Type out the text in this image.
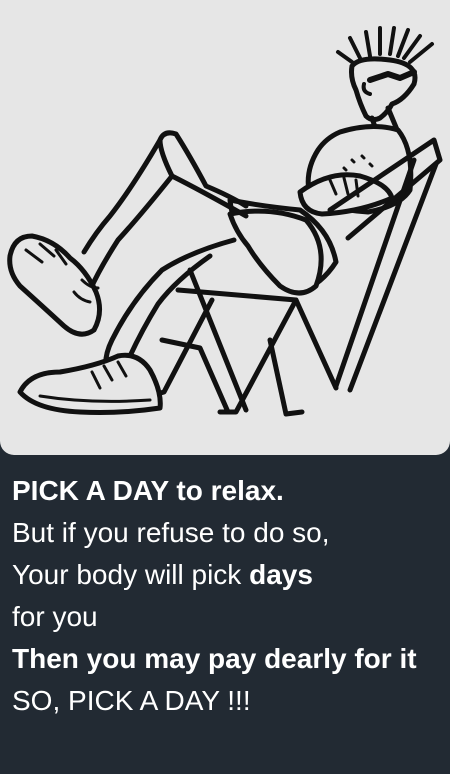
PICK A DAY to relax.
But if you refuse to do so,
Your body will pick days
for you
Then you may pay dearly for it
SO, PICK A DAY !!!
